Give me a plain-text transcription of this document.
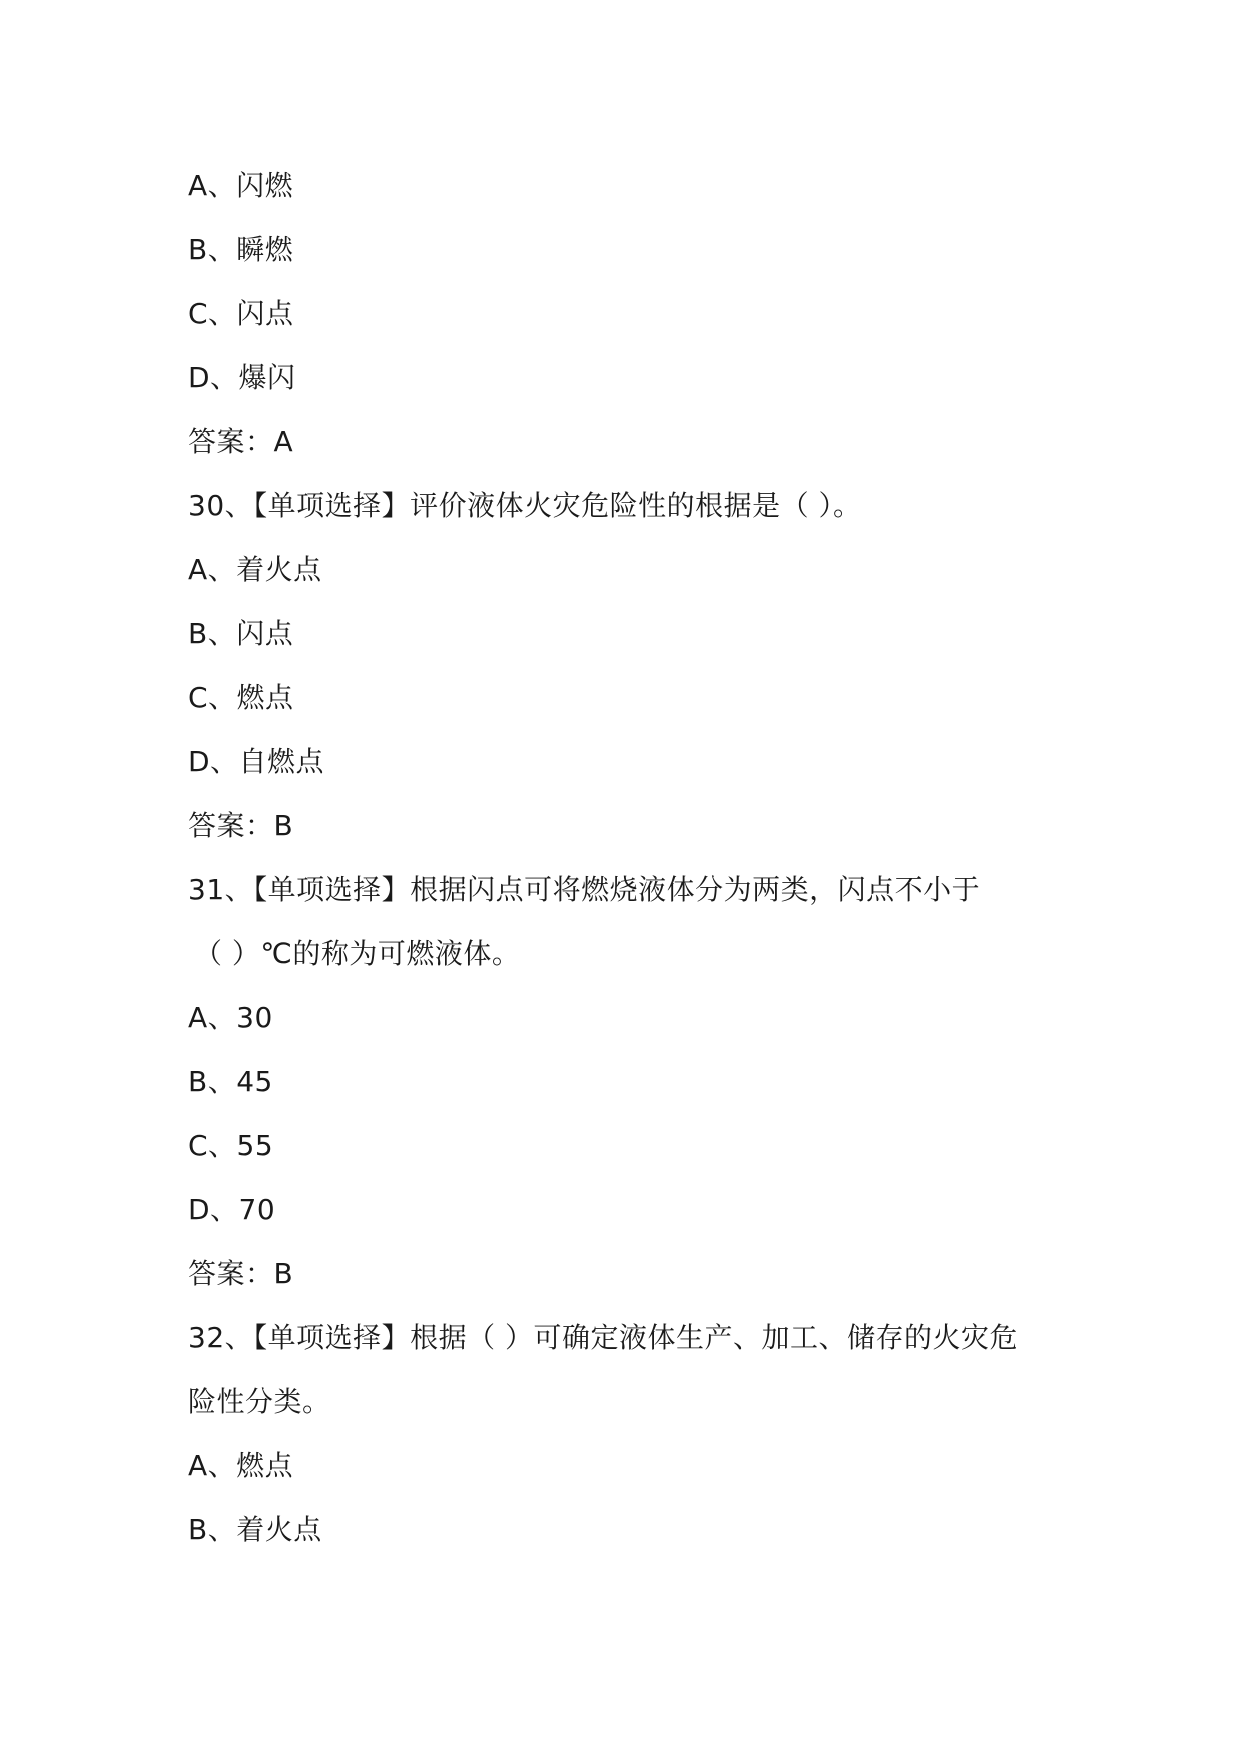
A、闪燃
B、瞬燃
C、闪点
D、爆闪
答案：A
30、【单项选择】评价液体火灾危险性的根据是（ ）。
A、着火点
B、闪点
C、燃点
D、自燃点
答案：B
31、【单项选择】根据闪点可将燃烧液体分为两类，闪点不小于
（ ）℃的称为可燃液体。
A、30
B、45
C、55
D、70
答案：B
32、【单项选择】根据（ ）可确定液体生产、加工、储存的火灾危
险性分类。
A、燃点
B、着火点
